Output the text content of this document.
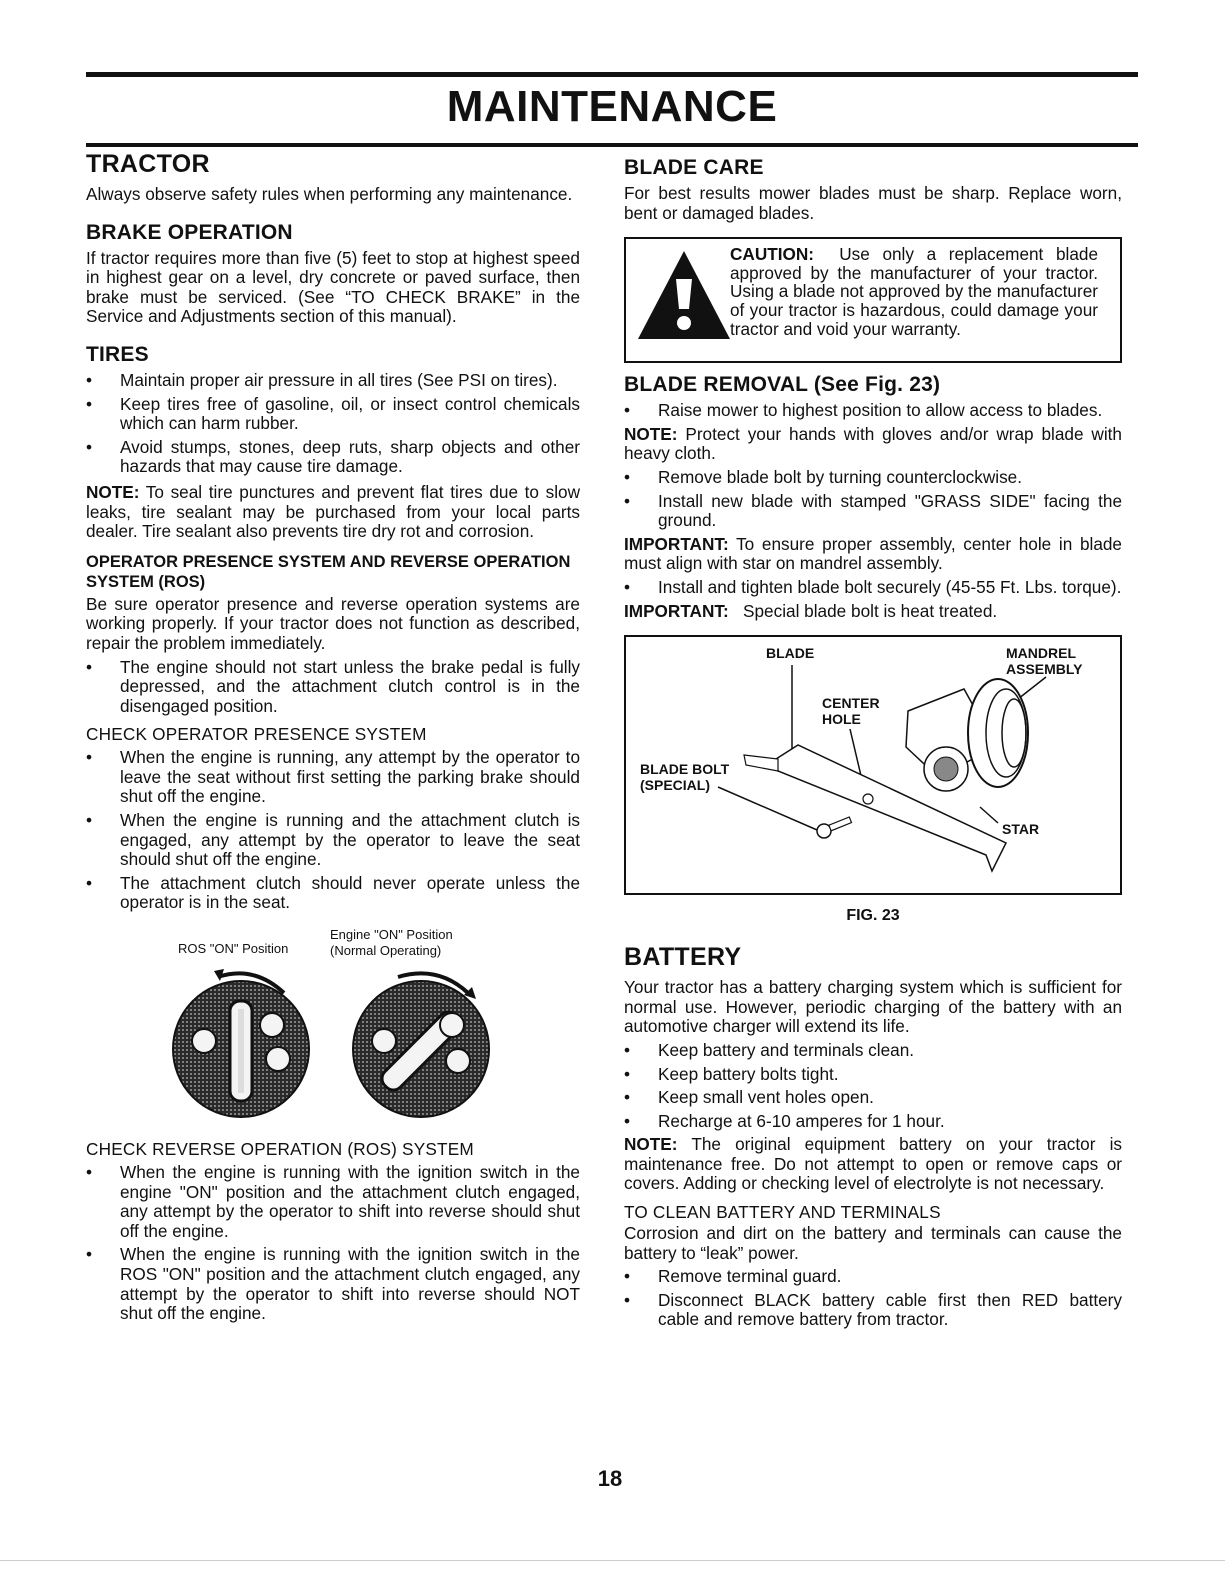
MAINTENANCE
TRACTOR

Always observe safety rules when performing any maintenance.

BRAKE OPERATION

If tractor requires more than five (5) feet to stop at highest speed in highest gear on a level, dry concrete or paved surface, then brake must be serviced. (See “TO CHECK BRAKE” in the Service and Adjustments section of this manual).

TIRES
• Maintain proper air pressure in all tires (See PSI on tires).
• Keep tires free of gasoline, oil, or insect control chemicals which can harm rubber.
• Avoid stumps, stones, deep ruts, sharp objects and other hazards that may cause tire damage.

NOTE: To seal tire punctures and prevent flat tires due to slow leaks, tire sealant may be purchased from your local parts dealer. Tire sealant also prevents tire dry rot and corrosion.

OPERATOR PRESENCE SYSTEM AND REVERSE OPERATION SYSTEM (ROS)

Be sure operator presence and reverse operation systems are working properly. If your tractor does not function as described, repair the problem immediately.

• The engine should not start unless the brake pedal is fully depressed, and the attachment clutch control is in the disengaged position.
CHECK OPERATOR PRESENCE SYSTEM
• When the engine is running, any attempt by the operator to leave the seat without first setting the parking brake should shut off the engine.
• When the engine is running and the attachment clutch is engaged, any attempt by the operator to leave the seat should shut off the engine.
• The attachment clutch should never operate unless the operator is in the seat.
ROS "ON" Position
Engine "ON" Position
(Normal Operating)
CHECK REVERSE OPERATION (ROS) SYSTEM
• When the engine is running with the ignition switch in the engine "ON" position and the attachment clutch engaged, any attempt by the operator to shift into reverse should shut off the engine.
• When the engine is running with the ignition switch in the ROS "ON" position and the attachment clutch engaged, any attempt by the operator to shift into reverse should NOT shut off the engine.
BLADE CARE

For best results mower blades must be sharp. Replace worn, bent or damaged blades.

CAUTION: Use only a replacement blade approved by the manufacturer of your tractor. Using a blade not approved by the manufacturer of your tractor is hazardous, could damage your tractor and void your warranty.
BLADE REMOVAL (See Fig. 23)
• Raise mower to highest position to allow access to blades.

NOTE: Protect your hands with gloves and/or wrap blade with heavy cloth.

• Remove blade bolt by turning counterclockwise.
• Install new blade with stamped "GRASS SIDE" facing the ground.

IMPORTANT: To ensure proper assembly, center hole in blade must align with star on mandrel assembly.

• Install and tighten blade bolt securely (45-55 Ft. Lbs. torque).

IMPORTANT: Special blade bolt is heat treated.

BLADE	MANDREL
ASSEMBLY
CENTER
HOLE
BLADE BOLT
(SPECIAL)
STAR
FIG. 23
BATTERY

Your tractor has a battery charging system which is sufficient for normal use. However, periodic charging of the battery with an automotive charger will extend its life.

• Keep battery and terminals clean.
• Keep battery bolts tight.
• Keep small vent holes open.
• Recharge at 6-10 amperes for 1 hour.

NOTE: The original equipment battery on your tractor is maintenance free. Do not attempt to open or remove caps or covers. Adding or checking level of electrolyte is not necessary.

TO CLEAN BATTERY AND TERMINALS

Corrosion and dirt on the battery and terminals can cause the battery to “leak” power.

• Remove terminal guard.
• Disconnect BLACK battery cable first then RED battery cable and remove battery from tractor.
18
